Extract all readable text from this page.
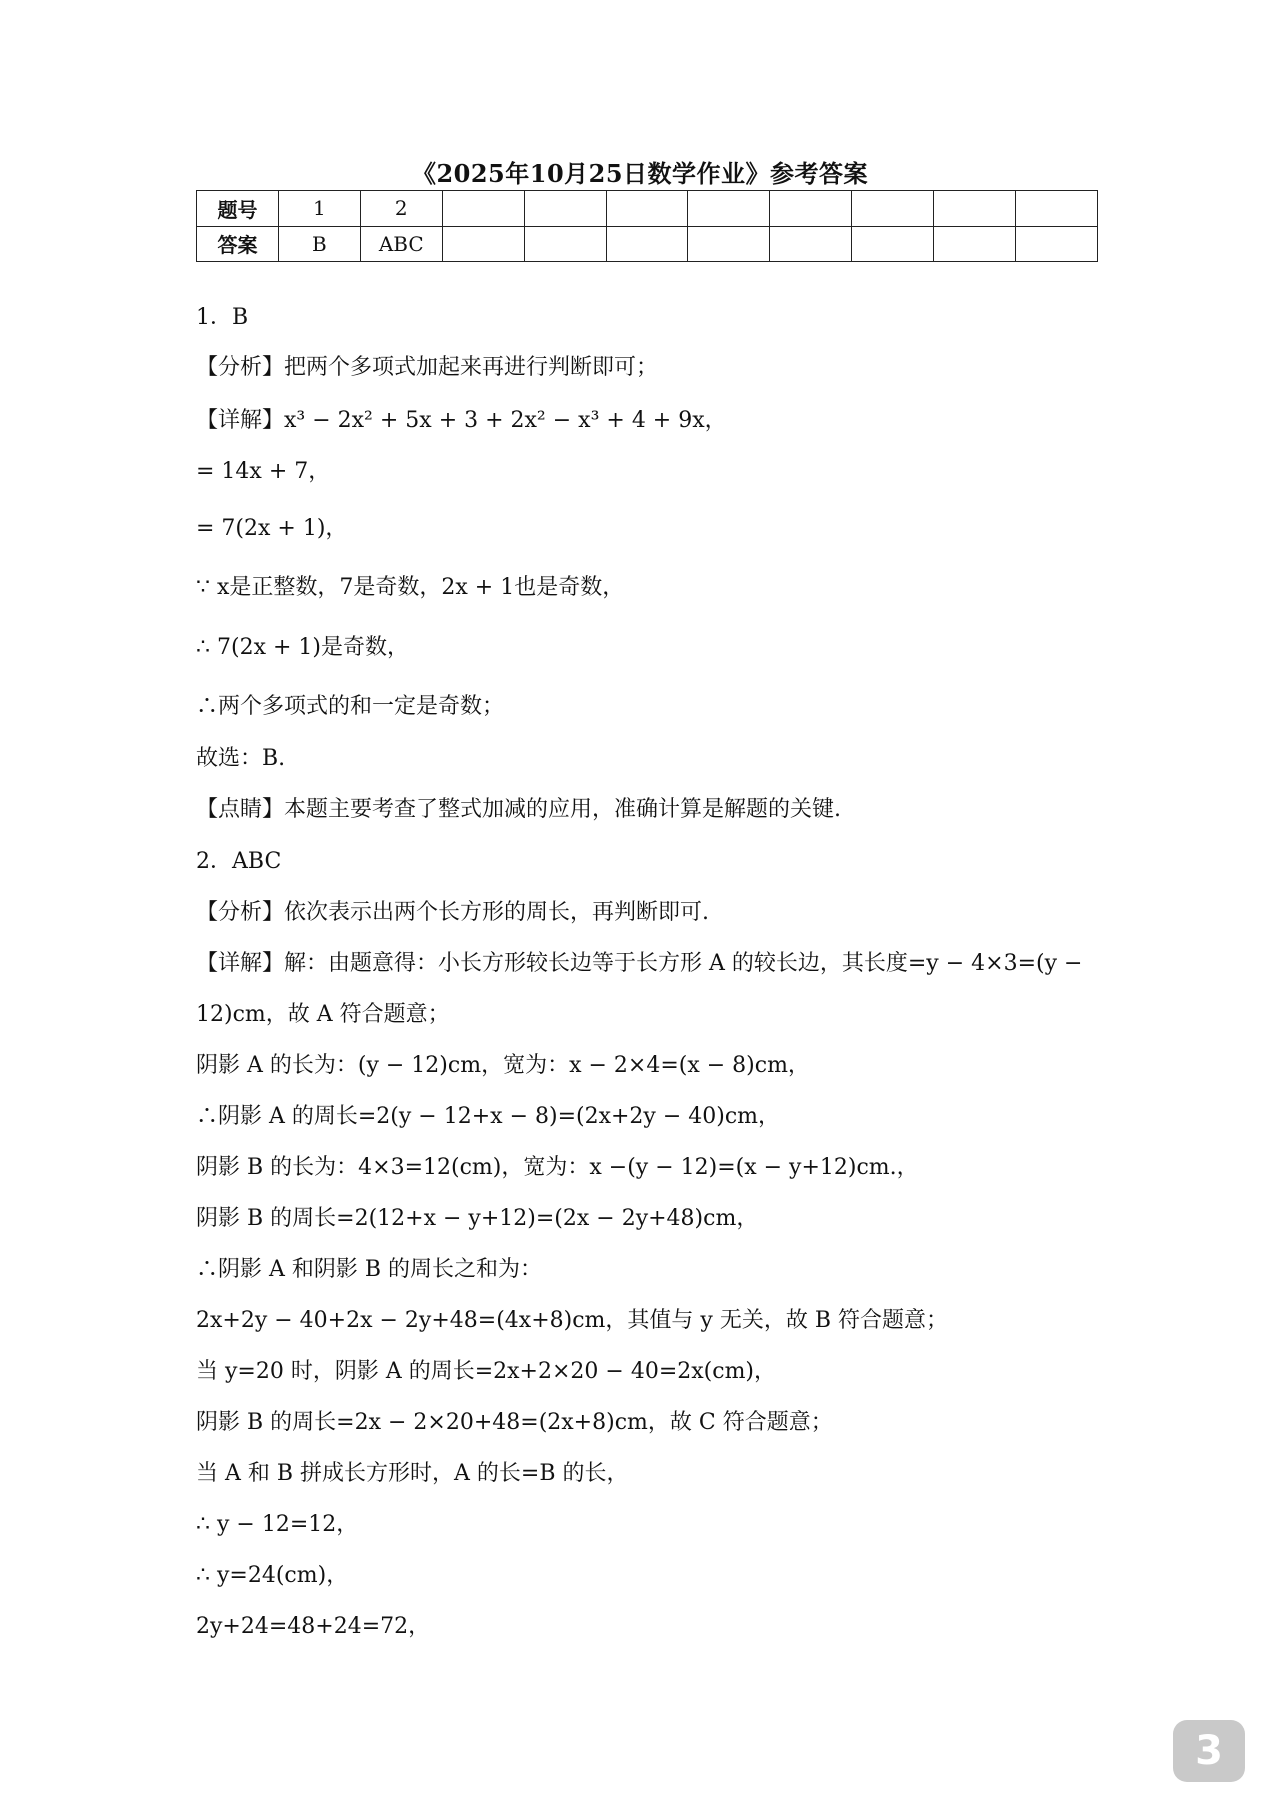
《2025年10月25日数学作业》参考答案
题号	1	2								
答案	B	ABC								
1．B
【分析】把两个多项式加起来再进行判断即可；
【详解】x³ − 2x² + 5x + 3 + 2x² − x³ + 4 + 9x，
= 14x + 7，
= 7(2x + 1)，
∵ x是正整数，7是奇数，2x + 1也是奇数，
∴ 7(2x + 1)是奇数，
∴两个多项式的和一定是奇数；
故选：B.
【点睛】本题主要考查了整式加减的应用，准确计算是解题的关键.
2．ABC
【分析】依次表示出两个长方形的周长，再判断即可.
【详解】解：由题意得：小长方形较长边等于长方形 A 的较长边，其长度=y − 4×3=(y −
12)cm，故 A 符合题意；
阴影 A 的长为：(y − 12)cm，宽为：x − 2×4=(x − 8)cm，
∴阴影 A 的周长=2(y − 12+x − 8)=(2x+2y − 40)cm，
阴影 B 的长为：4×3=12(cm)，宽为：x −(y − 12)=(x − y+12)cm.，
阴影 B 的周长=2(12+x − y+12)=(2x − 2y+48)cm，
∴阴影 A 和阴影 B 的周长之和为：
2x+2y − 40+2x − 2y+48=(4x+8)cm，其值与 y 无关，故 B 符合题意；
当 y=20 时，阴影 A 的周长=2x+2×20 − 40=2x(cm)，
阴影 B 的周长=2x − 2×20+48=(2x+8)cm，故 C 符合题意；
当 A 和 B 拼成长方形时，A 的长=B 的长，
∴ y − 12=12，
∴ y=24(cm)，
2y+24=48+24=72，
3
